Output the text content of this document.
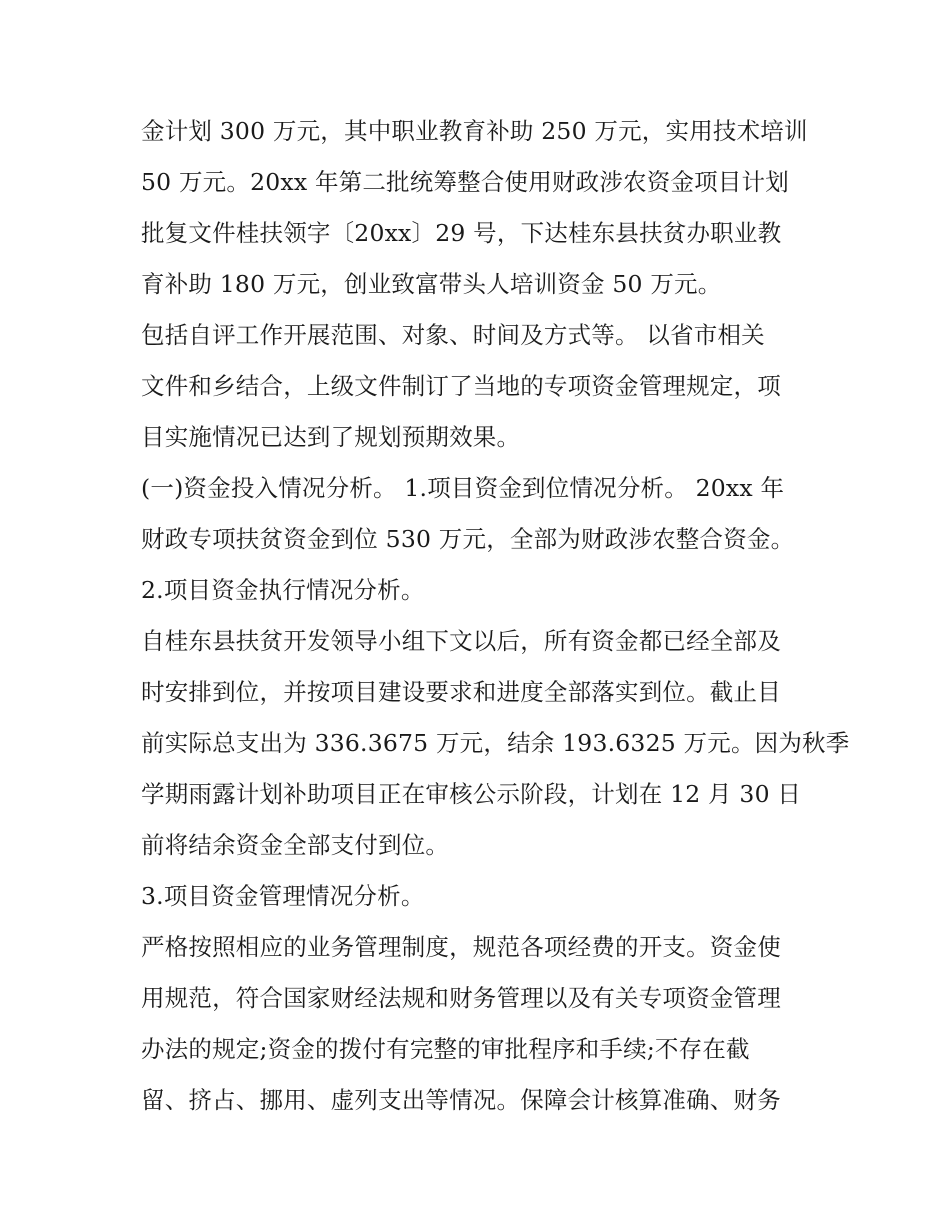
金计划 300 万元，其中职业教育补助 250 万元，实用技术培训
50 万元。20xx 年第二批统筹整合使用财政涉农资金项目计划
批复文件桂扶领字〔20xx〕29 号，下达桂东县扶贫办职业教
育补助 180 万元，创业致富带头人培训资金 50 万元。
包括自评工作开展范围、对象、时间及方式等。 以省市相关
文件和乡结合，上级文件制订了当地的专项资金管理规定，项
目实施情况已达到了规划预期效果。
(一)资金投入情况分析。 1.项目资金到位情况分析。 20xx 年
财政专项扶贫资金到位 530 万元，全部为财政涉农整合资金。
2.项目资金执行情况分析。
自桂东县扶贫开发领导小组下文以后，所有资金都已经全部及
时安排到位，并按项目建设要求和进度全部落实到位。截止目
前实际总支出为 336.3675 万元，结余 193.6325 万元。因为秋季
学期雨露计划补助项目正在审核公示阶段，计划在 12 月 30 日
前将结余资金全部支付到位。
3.项目资金管理情况分析。
严格按照相应的业务管理制度，规范各项经费的开支。资金使
用规范，符合国家财经法规和财务管理以及有关专项资金管理
办法的规定;资金的拨付有完整的审批程序和手续;不存在截
留、挤占、挪用、虚列支出等情况。保障会计核算准确、财务
